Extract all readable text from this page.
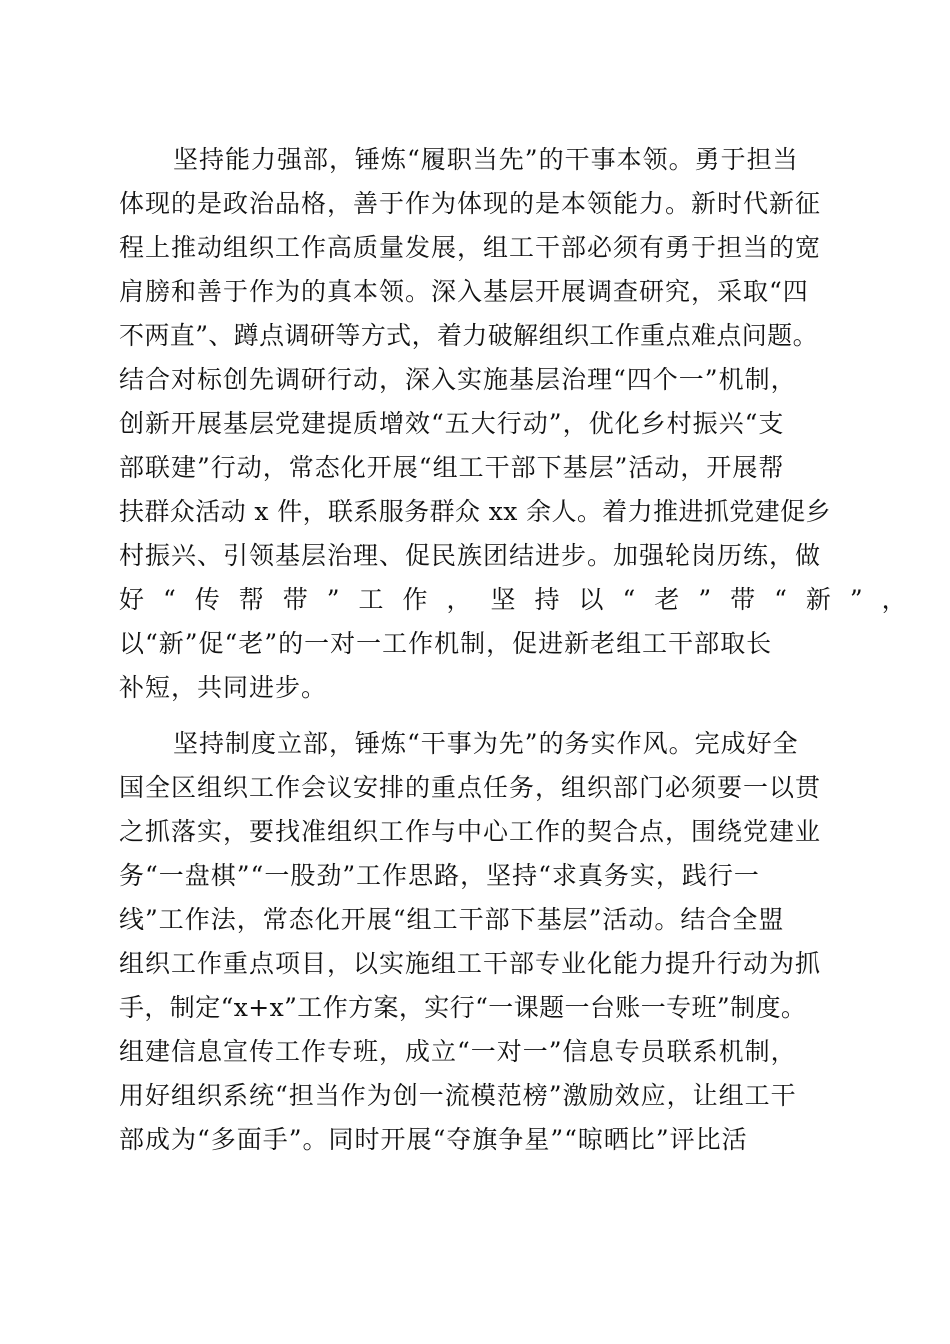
坚持能力强部，锤炼“履职当先”的干事本领。勇于担当
体现的是政治品格，善于作为体现的是本领能力。新时代新征
程上推动组织工作高质量发展，组工干部必须有勇于担当的宽
肩膀和善于作为的真本领。深入基层开展调查研究，采取“四
不两直”、蹲点调研等方式，着力破解组织工作重点难点问题。
结合对标创先调研行动，深入实施基层治理“四个一”机制，
创新开展基层党建提质增效“五大行动”，优化乡村振兴“支
部联建”行动，常态化开展“组工干部下基层”活动，开展帮
扶群众活动 x 件，联系服务群众 xx 余人。着力推进抓党建促乡
村振兴、引领基层治理、促民族团结进步。加强轮岗历练，做
好“传帮带”工作，坚持以“老”带“新”，
以“新”促“老”的一对一工作机制，促进新老组工干部取长
补短，共同进步。
坚持制度立部，锤炼“干事为先”的务实作风。完成好全
国全区组织工作会议安排的重点任务，组织部门必须要一以贯
之抓落实，要找准组织工作与中心工作的契合点，围绕党建业
务“一盘棋”“一股劲”工作思路，坚持“求真务实，践行一
线”工作法，常态化开展“组工干部下基层”活动。结合全盟
组织工作重点项目，以实施组工干部专业化能力提升行动为抓
手，制定“x+x”工作方案，实行“一课题一台账一专班”制度。
组建信息宣传工作专班，成立“一对一”信息专员联系机制，
用好组织系统“担当作为创一流模范榜”激励效应，让组工干
部成为“多面手”。同时开展“夺旗争星”“晾晒比”评比活
